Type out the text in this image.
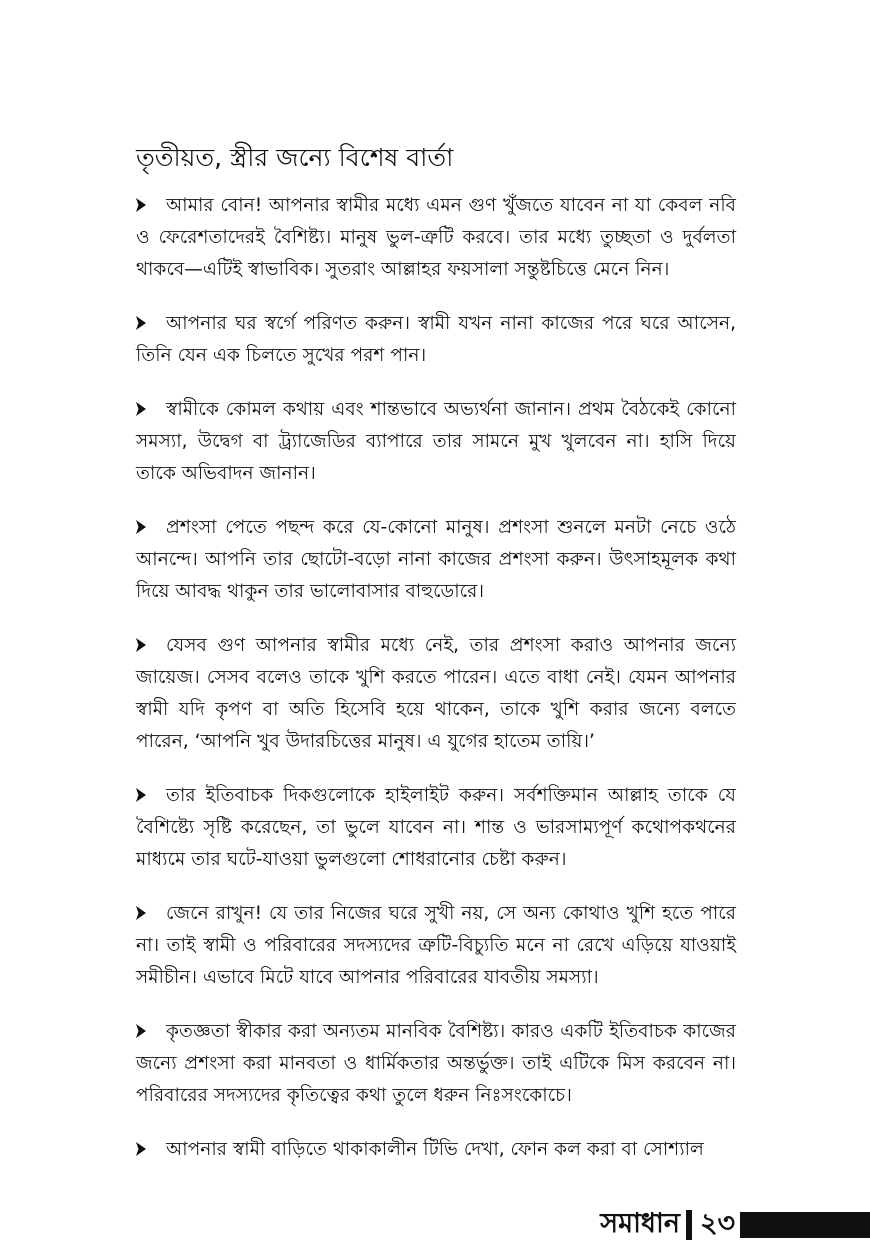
তৃতীয়ত, স্ত্রীর জন্যে বিশেষ বার্তা

আমার বোন! আপনার স্বামীর মধ্যে এমন গুণ খুঁজতে যাবেন না যা কেবল নবি ও ফেরেশতাদেরই বৈশিষ্ট্য। মানুষ ভুল-ত্রুটি করবে। তার মধ্যে তুচ্ছতা ও দুর্বলতা থাকবে—এটিই স্বাভাবিক। সুতরাং আল্লাহর ফয়সালা সন্তুষ্টচিত্তে মেনে নিন।

আপনার ঘর স্বর্গে পরিণত করুন। স্বামী যখন নানা কাজের পরে ঘরে আসেন, তিনি যেন এক চিলতে সুখের পরশ পান।

স্বামীকে কোমল কথায় এবং শান্তভাবে অভ্যর্থনা জানান। প্রথম বৈঠকেই কোনো সমস্যা, উদ্বেগ বা ট্র্যাজেডির ব্যাপারে তার সামনে মুখ খুলবেন না। হাসি দিয়ে তাকে অভিবাদন জানান।

প্রশংসা পেতে পছন্দ করে যে-কোনো মানুষ। প্রশংসা শুনলে মনটা নেচে ওঠে আনন্দে। আপনি তার ছোটো-বড়ো নানা কাজের প্রশংসা করুন। উৎসাহমূলক কথা দিয়ে আবদ্ধ থাকুন তার ভালোবাসার বাহুডোরে।

যেসব গুণ আপনার স্বামীর মধ্যে নেই, তার প্রশংসা করাও আপনার জন্যে জায়েজ। সেসব বলেও তাকে খুশি করতে পারেন। এতে বাধা নেই। যেমন আপনার স্বামী যদি কৃপণ বা অতি হিসেবি হয়ে থাকেন, তাকে খুশি করার জন্যে বলতে পারেন, ‘আপনি খুব উদারচিত্তের মানুষ। এ যুগের হাতেম তায়ি।’

তার ইতিবাচক দিকগুলোকে হাইলাইট করুন। সর্বশক্তিমান আল্লাহ তাকে যে বৈশিষ্ট্যে সৃষ্টি করেছেন, তা ভুলে যাবেন না। শান্ত ও ভারসাম্যপূর্ণ কথোপকথনের মাধ্যমে তার ঘটে-যাওয়া ভুলগুলো শোধরানোর চেষ্টা করুন।

জেনে রাখুন! যে তার নিজের ঘরে সুখী নয়, সে অন্য কোথাও খুশি হতে পারে না। তাই স্বামী ও পরিবারের সদস্যদের ত্রুটি-বিচ্যুতি মনে না রেখে এড়িয়ে যাওয়াই সমীচীন। এভাবে মিটে যাবে আপনার পরিবারের যাবতীয় সমস্যা।

কৃতজ্ঞতা স্বীকার করা অন্যতম মানবিক বৈশিষ্ট্য। কারও একটি ইতিবাচক কাজের জন্যে প্রশংসা করা মানবতা ও ধার্মিকতার অন্তর্ভুক্ত। তাই এটিকে মিস করবেন না। পরিবারের সদস্যদের কৃতিত্বের কথা তুলে ধরুন নিঃসংকোচে।

আপনার স্বামী বাড়িতে থাকাকালীন টিভি দেখা, ফোন কল করা বা সোশ্যাল

সমাধান ২৩
